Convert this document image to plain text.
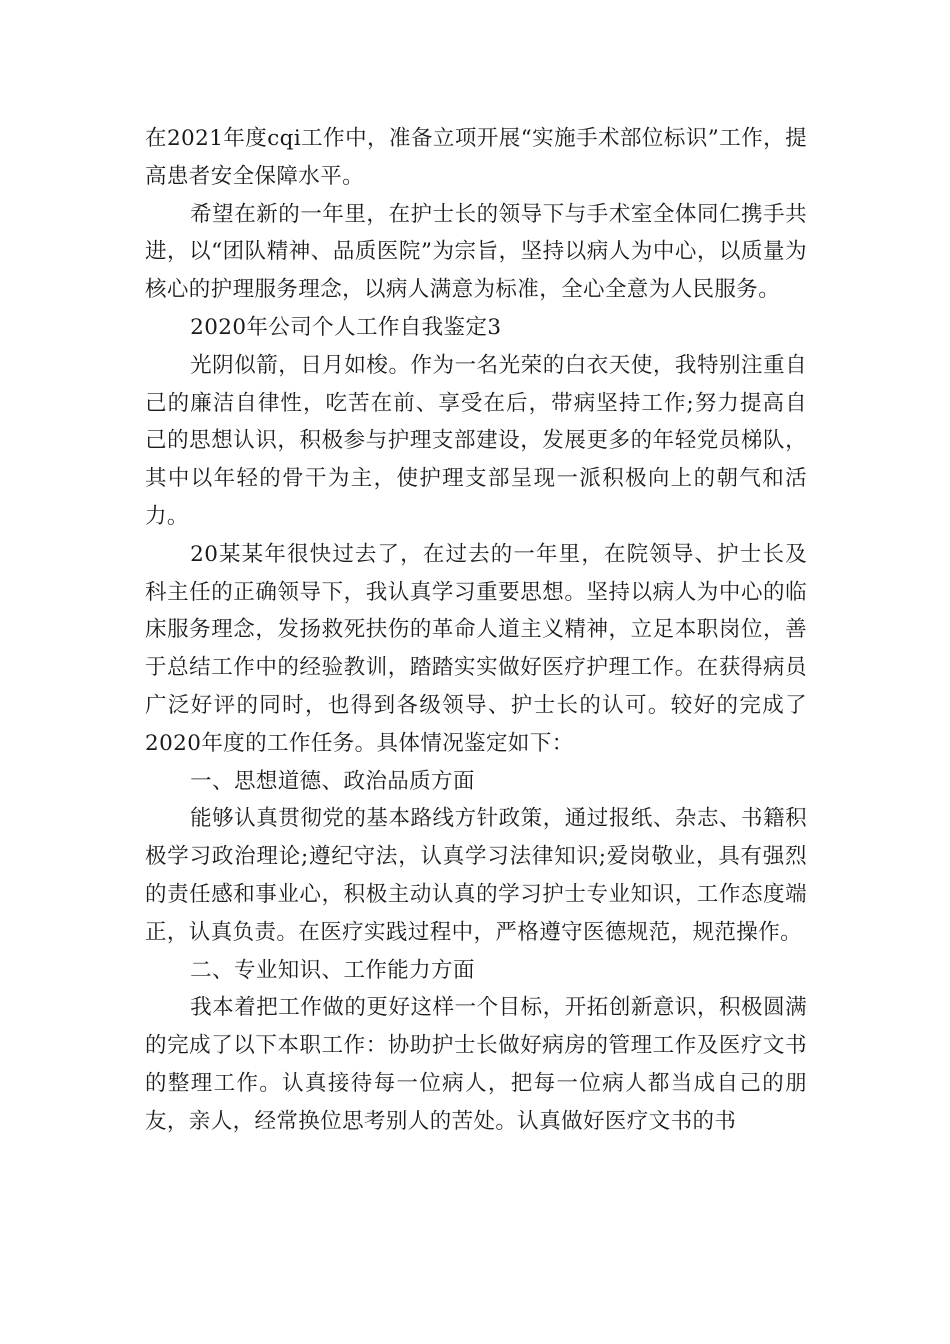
在2021年度cqi工作中，准备立项开展“实施手术部位标识”工作，提高患者安全保障水平。

希望在新的一年里，在护士长的领导下与手术室全体同仁携手共进，以“团队精神、品质医院”为宗旨，坚持以病人为中心，以质量为核心的护理服务理念，以病人满意为标准，全心全意为人民服务。

2020年公司个人工作自我鉴定3

光阴似箭，日月如梭。作为一名光荣的白衣天使，我特别注重自己的廉洁自律性，吃苦在前、享受在后，带病坚持工作;努力提高自己的思想认识，积极参与护理支部建设，发展更多的年轻党员梯队，其中以年轻的骨干为主，使护理支部呈现一派积极向上的朝气和活力。

20某某年很快过去了，在过去的一年里，在院领导、护士长及科主任的正确领导下，我认真学习重要思想。坚持以病人为中心的临床服务理念，发扬救死扶伤的革命人道主义精神，立足本职岗位，善于总结工作中的经验教训，踏踏实实做好医疗护理工作。在获得病员广泛好评的同时，也得到各级领导、护士长的认可。较好的完成了2020年度的工作任务。具体情况鉴定如下：

一、思想道德、政治品质方面

能够认真贯彻党的基本路线方针政策，通过报纸、杂志、书籍积极学习政治理论;遵纪守法，认真学习法律知识;爱岗敬业，具有强烈的责任感和事业心，积极主动认真的学习护士专业知识，工作态度端正，认真负责。在医疗实践过程中，严格遵守医德规范，规范操作。

二、专业知识、工作能力方面

我本着把工作做的更好这样一个目标，开拓创新意识，积极圆满的完成了以下本职工作：协助护士长做好病房的管理工作及医疗文书的整理工作。认真接待每一位病人，把每一位病人都当成自己的朋友，亲人，经常换位思考别人的苦处。认真做好医疗文书的书
